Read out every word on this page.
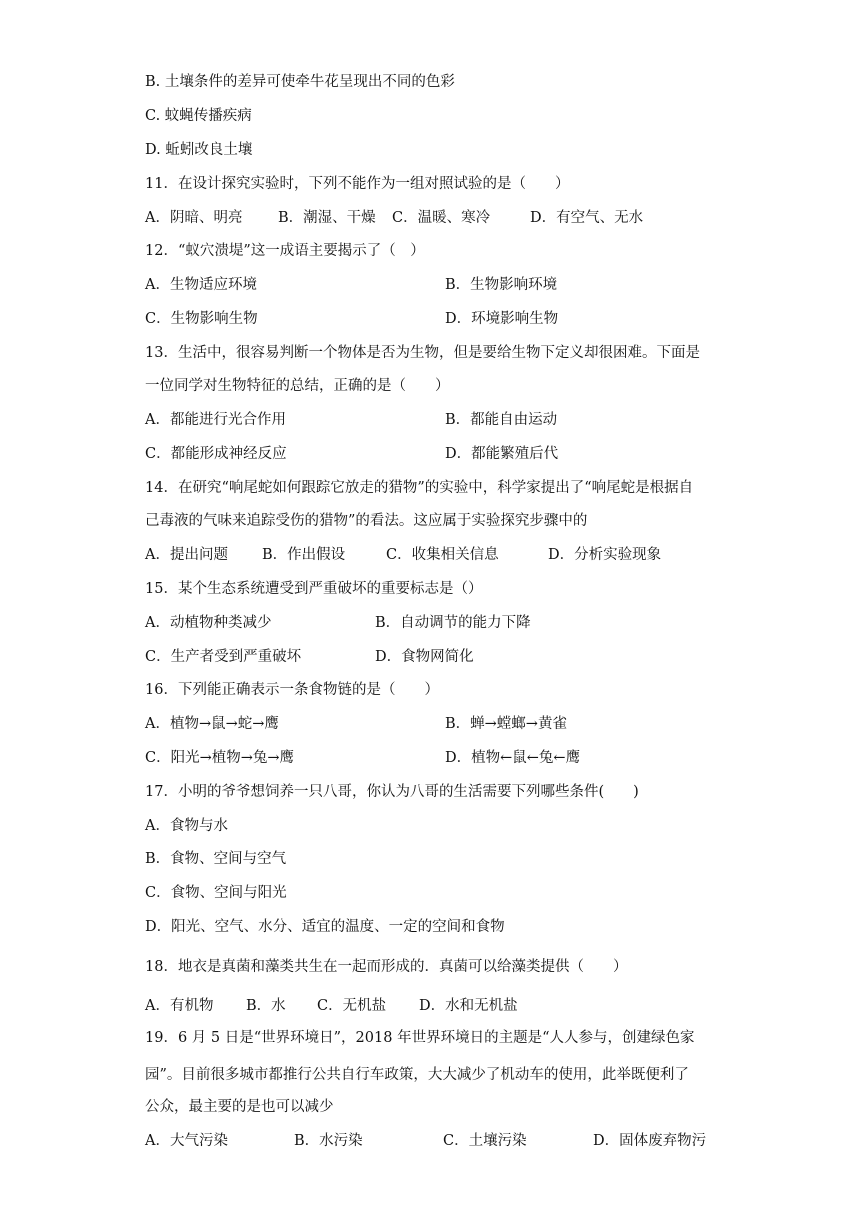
B. 土壤条件的差异可使牵牛花呈现出不同的色彩
C. 蚊蝇传播疾病
D. 蚯蚓改良土壤
11．在设计探究实验时，下列不能作为一组对照试验的是（　　）
A．阴暗、明亮 B．潮湿、干燥 C．温暖、寒冷	D．有空气、无水
12．“蚁穴溃堤”这一成语主要揭示了（　）
A．生物适应环境	B．生物影响环境
C．生物影响生物	D．环境影响生物
13．生活中，很容易判断一个物体是否为生物，但是要给生物下定义却很困难。下面是
一位同学对生物特征的总结，正确的是（　　）
A．都能进行光合作用	B．都能自由运动
C．都能形成神经反应	D．都能繁殖后代
14．在研究“响尾蛇如何跟踪它放走的猎物”的实验中，科学家提出了“响尾蛇是根据自
己毒液的气味来追踪受伤的猎物”的看法。这应属于实验探究步骤中的
A．提出问题 B．作出假设	C．收集相关信息	D．分析实验现象
15．某个生态系统遭受到严重破坏的重要标志是（）
A．动植物种类减少	B．自动调节的能力下降
C．生产者受到严重破坏	D．食物网简化
16．下列能正确表示一条食物链的是（　　）
A．植物→鼠→蛇→鹰	B．蝉→螳螂→黄雀
C．阳光→植物→兔→鹰	D．植物←鼠←兔←鹰
17．小明的爷爷想饲养一只八哥，你认为八哥的生活需要下列哪些条件(　　)
A．食物与水
B．食物、空间与空气
C．食物、空间与阳光
D．阳光、空气、水分、适宜的温度、一定的空间和食物
18．地衣是真菌和藻类共生在一起而形成的．真菌可以给藻类提供（　　）
A．有机物 B．水 C．无机盐 D．水和无机盐
19．6 月 5 日是“世界环境日”，2018 年世界环境日的主题是“人人参与，创建绿色家
园”。目前很多城市都推行公共自行车政策，大大减少了机动车的使用，此举既便利了
公众，最主要的是也可以减少
A．大气污染	B．水污染	C．土壤污染	D．固体废弃物污
